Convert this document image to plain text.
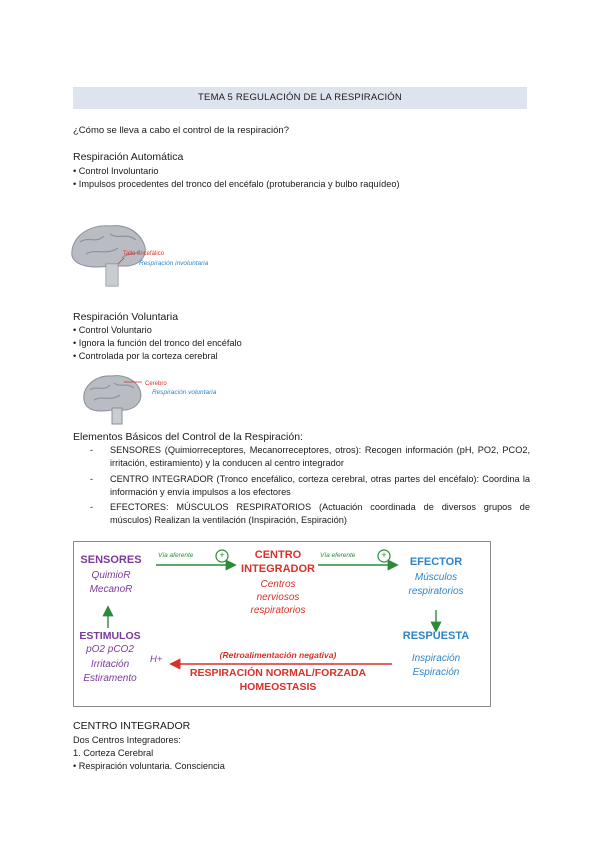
TEMA 5 REGULACIÓN DE LA RESPIRACIÓN
¿Cómo se lleva a cabo el control de la respiración?
Respiración Automática
• Control Involuntario
• Impulsos procedentes del tronco del encéfalo (protuberancia y bulbo raquídeo)
Tallo encefálico
Respiración involuntaria
Respiración Voluntaria
• Control Voluntario
• Ignora la función del tronco del encéfalo
• Controlada por la corteza cerebral
Cerebro
Respiración voluntaria
Elementos Básicos del Control de la Respiración:
- SENSORES (Quimiorreceptores, Mecanorreceptores, otros): Recogen información (pH, PO2, PCO2, irritación, estiramiento) y la conducen al centro integrador
- CENTRO INTEGRADOR (Tronco encefálico, corteza cerebral, otras partes del encéfalo): Coordina la información y envía impulsos a los efectores
- EFECTORES: MÚSCULOS RESPIRATORIOS (Actuación coordinada de diversos grupos de músculos) Realizan la ventilación (Inspiración, Espiración)
+	+
Vía aferente	Vía eferente
SENSORES
QuimioR
MecanoR
CENTRO
INTEGRADOR
Centros
nerviosos
respiratorios
EFECTOR
Músculos
respiratorios
ESTIMULOS
pO2 pCO2
H+
Irritación
Estiramento
(Retroalimentación negativa)
RESPIRACIÓN NORMAL/FORZADA
HOMEOSTASIS
RESPUESTA
Inspiración
Espiración
CENTRO INTEGRADOR
Dos Centros Integradores:
1. Corteza Cerebral
• Respiración voluntaria. Consciencia
